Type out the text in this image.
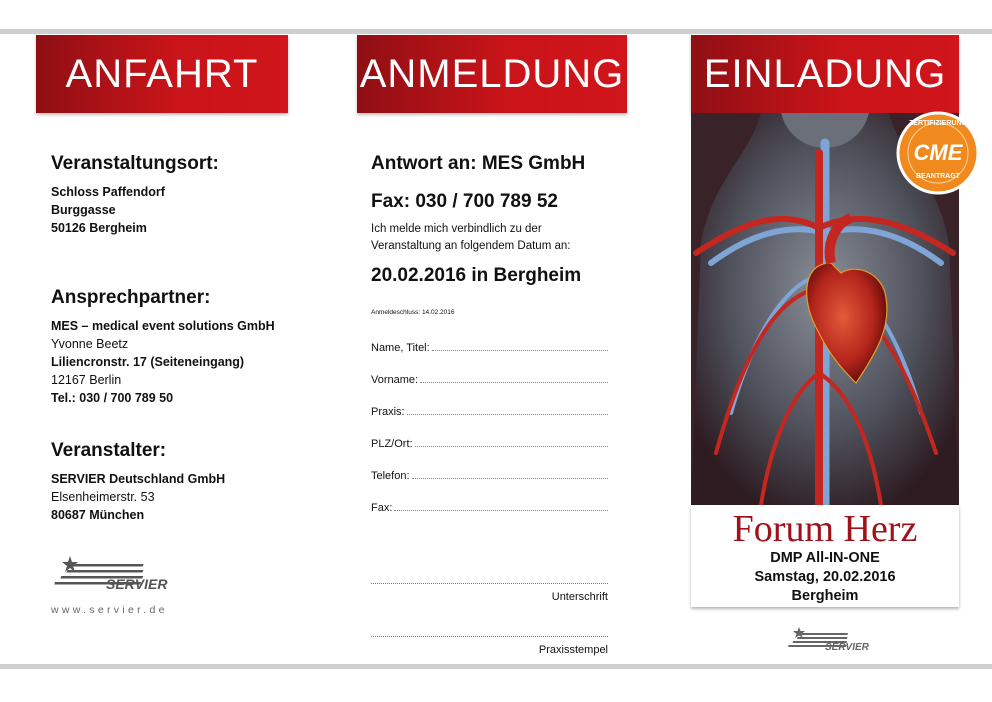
ANFAHRT

Veranstaltungsort:

Schloss Paffendorf
Burggasse
50126 Bergheim

Ansprechpartner:

MES – medical event solutions GmbH
Yvonne Beetz
Liliencronstr. 17 (Seiteneingang)
12167 Berlin
Tel.: 030 / 700 789 50

Veranstalter:

SERVIER Deutschland GmbH
Elsenheimerstr. 53
80687 München
SERVIER
www.servier.de
ANMELDUNG
Antwort an: MES GmbH
Fax: 030 / 700 789 52
Ich melde mich verbindlich zu der
Veranstaltung an folgendem Datum an:
20.02.2016 in Bergheim
Anmeldeschluss: 14.02.2016
Name, Titel:
Vorname:
Praxis:
PLZ/Ort:
Telefon:
Fax:
Unterschrift
Praxisstempel
EINLADUNG
ZERTIFIZIERUNG
CME
BEANTRAGT
Forum Herz
DMP All-IN-ONE
Samstag, 20.02.2016
Bergheim
SERVIER
